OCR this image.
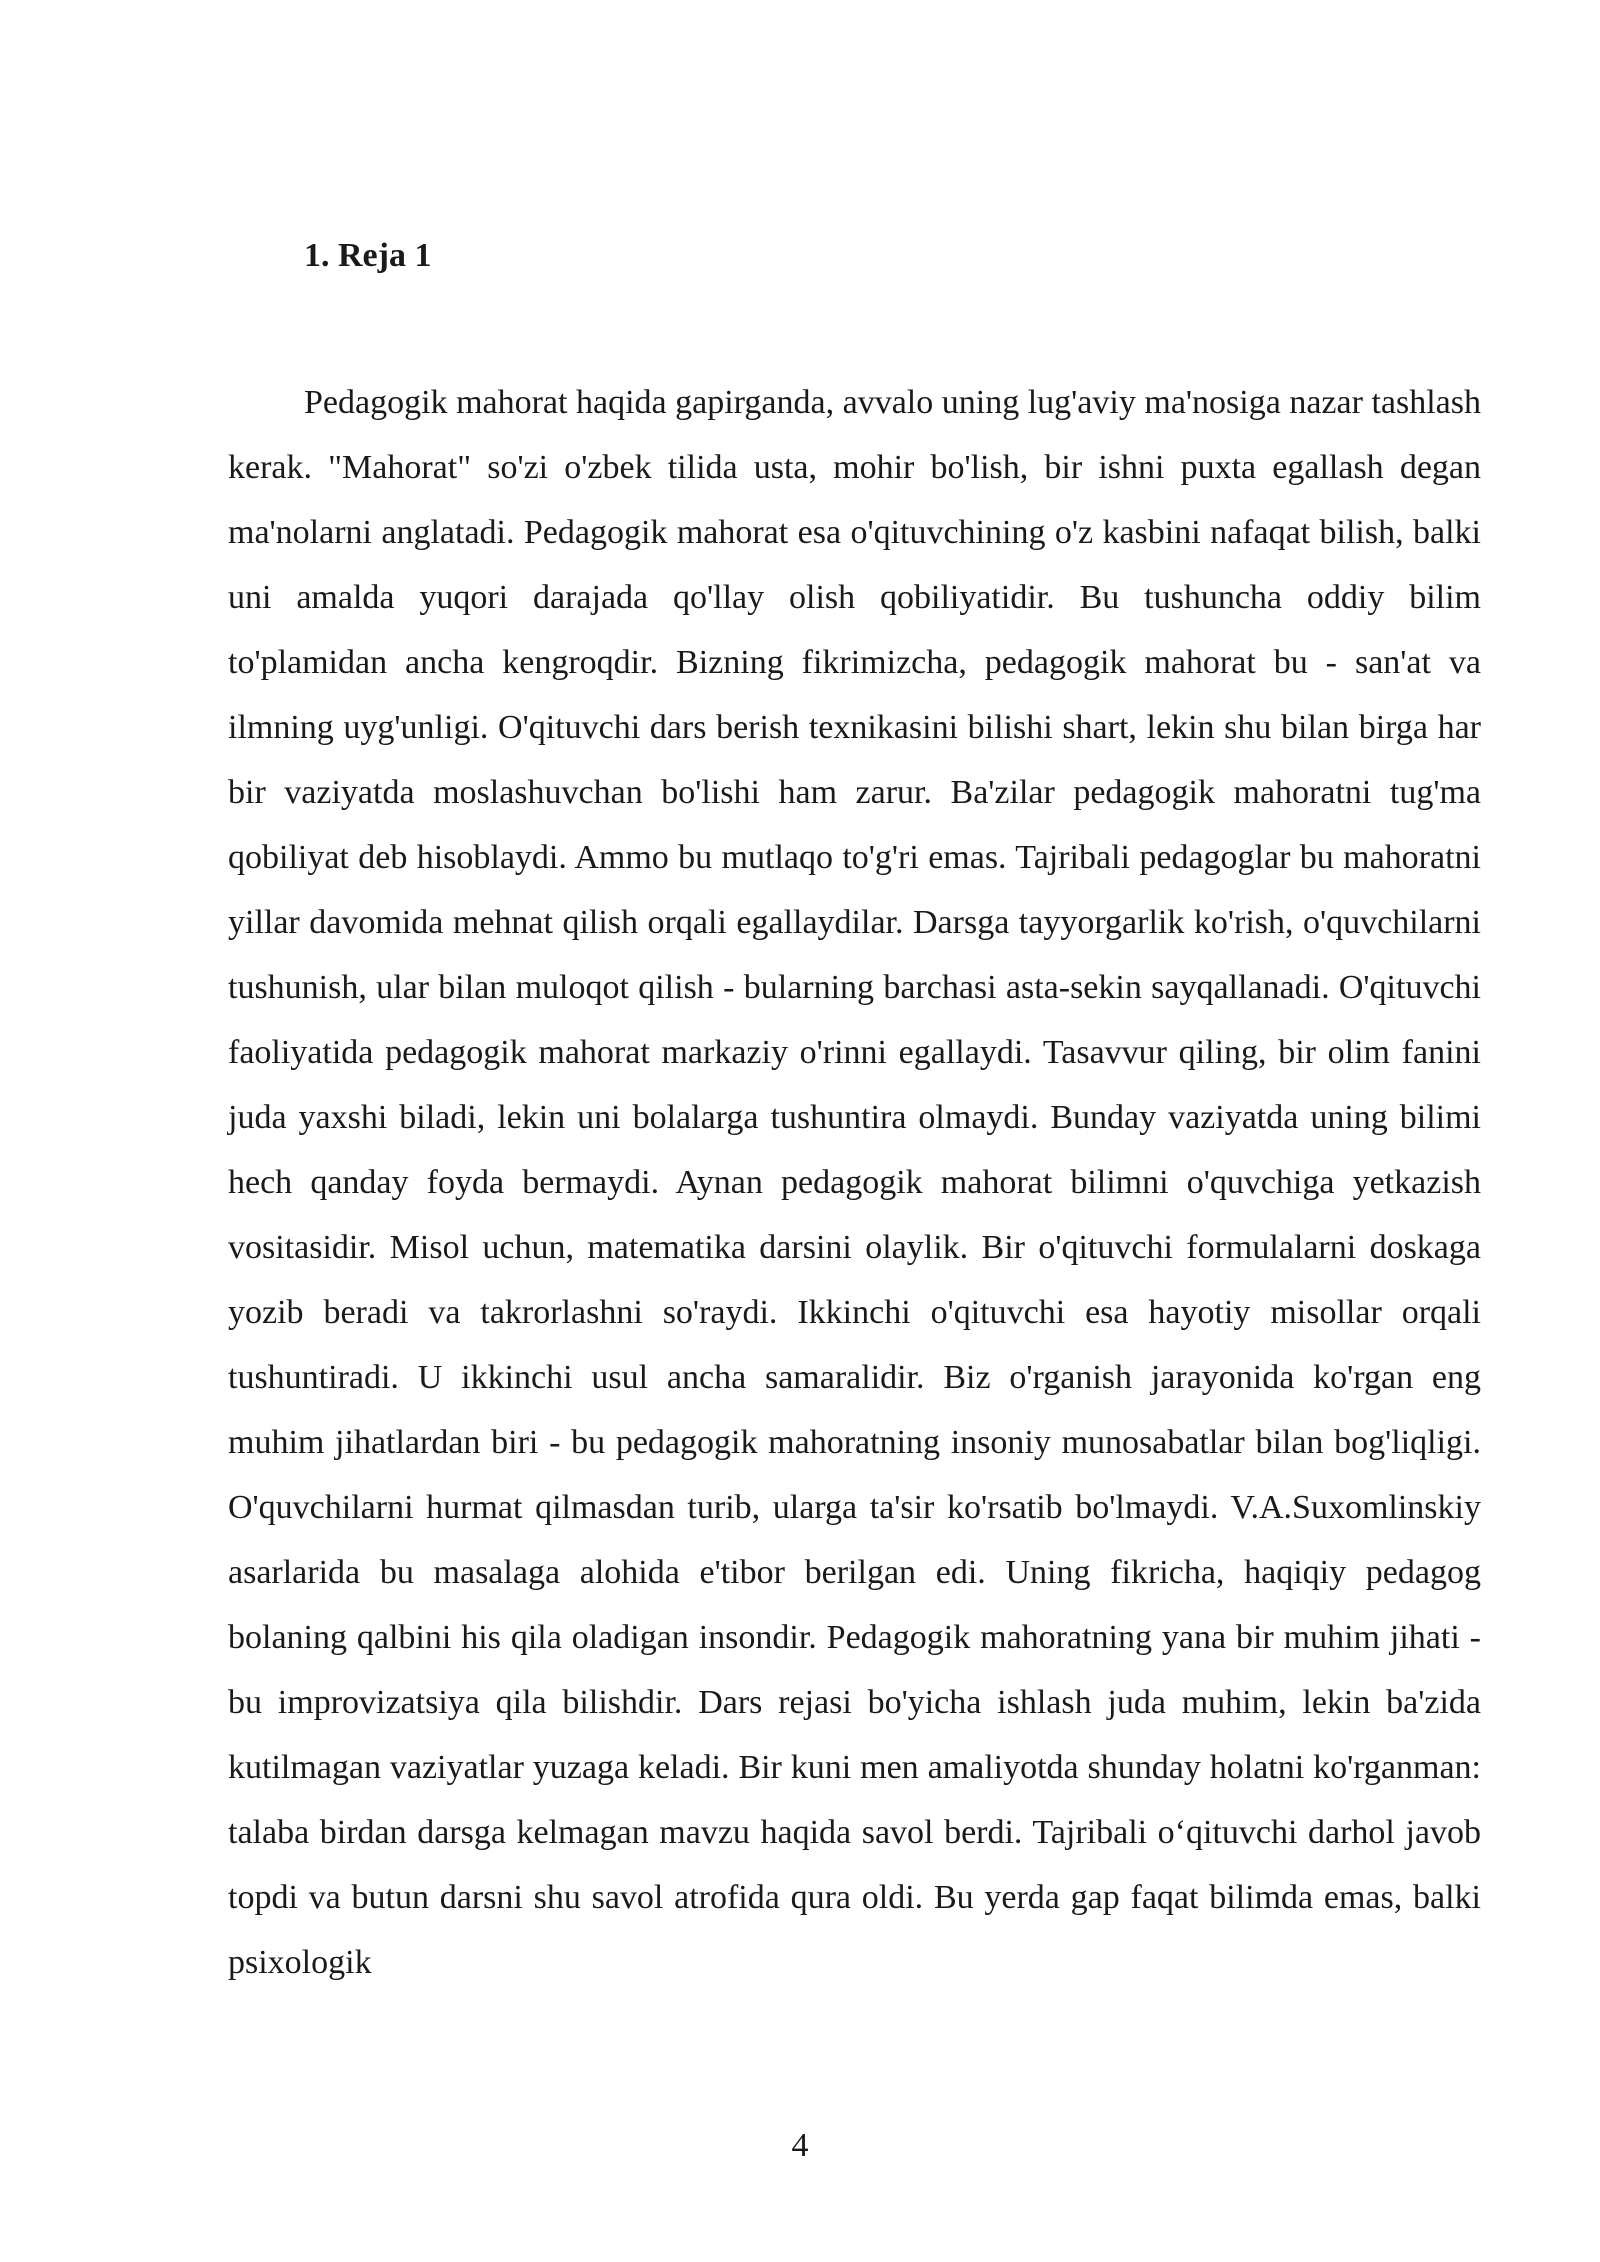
1. Reja 1

Pedagogik mahorat haqida gapirganda, avvalo uning lug'aviy ma'nosiga nazar tashlash kerak. "Mahorat" so'zi o'zbek tilida usta, mohir bo'lish, bir ishni puxta egallash degan ma'nolarni anglatadi. Pedagogik mahorat esa o'qituvchining o'z kasbini nafaqat bilish, balki uni amalda yuqori darajada qo'llay olish qobiliyatidir. Bu tushuncha oddiy bilim to'plamidan ancha kengroqdir. Bizning fikrimizcha, pedagogik mahorat bu - san'at va ilmning uyg'unligi. O'qituvchi dars berish texnikasini bilishi shart, lekin shu bilan birga har bir vaziyatda moslashuvchan bo'lishi ham zarur. Ba'zilar pedagogik mahoratni tug'ma qobiliyat deb hisoblaydi. Ammo bu mutlaqo to'g'ri emas. Tajribali pedagoglar bu mahoratni yillar davomida mehnat qilish orqali egallaydilar. Darsga tayyorgarlik ko'rish, o'quvchilarni tushunish, ular bilan muloqot qilish - bularning barchasi asta-sekin sayqallanadi. O'qituvchi faoliyatida pedagogik mahorat markaziy o'rinni egallaydi. Tasavvur qiling, bir olim fanini juda yaxshi biladi, lekin uni bolalarga tushuntira olmaydi. Bunday vaziyatda uning bilimi hech qanday foyda bermaydi. Aynan pedagogik mahorat bilimni o'quvchiga yetkazish vositasidir. Misol uchun, matematika darsini olaylik. Bir o'qituvchi formulalarni doskaga yozib beradi va takrorlashni so'raydi. Ikkinchi o'qituvchi esa hayotiy misollar orqali tushuntiradi. U ikkinchi usul ancha samaralidir. Biz o'rganish jarayonida ko'rgan eng muhim jihatlardan biri - bu pedagogik mahoratning insoniy munosabatlar bilan bog'liqligi. O'quvchilarni hurmat qilmasdan turib, ularga ta'sir ko'rsatib bo'lmaydi. V.A.Suxomlinskiy asarlarida bu masalaga alohida e'tibor berilgan edi. Uning fikricha, haqiqiy pedagog bolaning qalbini his qila oladigan insondir. Pedagogik mahoratning yana bir muhim jihati - bu improvizatsiya qila bilishdir. Dars rejasi bo'yicha ishlash juda muhim, lekin ba'zida kutilmagan vaziyatlar yuzaga keladi. Bir kuni men amaliyotda shunday holatni ko'rganman: talaba birdan darsga kelmagan mavzu haqida savol berdi. Tajribali o‘qituvchi darhol javob topdi va butun darsni shu savol atrofida qura oldi. Bu yerda gap faqat bilimda emas, balki psixologik

4
